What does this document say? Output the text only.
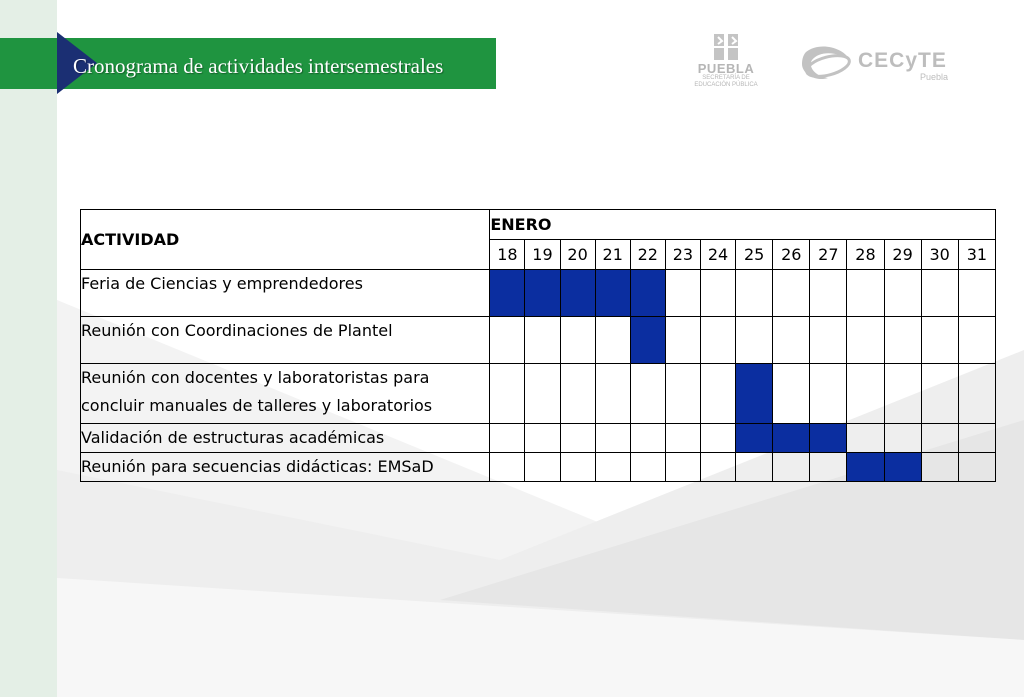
Cronograma de actividades intersemestrales	PUEBLA
SECRETARÍA DE
EDUCACIÓN PÚBLICA
CECyTE
Puebla
ACTIVIDAD	ENERO													
	18	19	20	21	22	23	24	25	26	27	28	29	30	31
Feria de Ciencias y emprendedores														
Reunión con Coordinaciones de Plantel														
Reunión con docentes y laboratoristas para concluir manuales de talleres y laboratorios														
Validación de estructuras académicas														
Reunión para secuencias didácticas: EMSaD														
